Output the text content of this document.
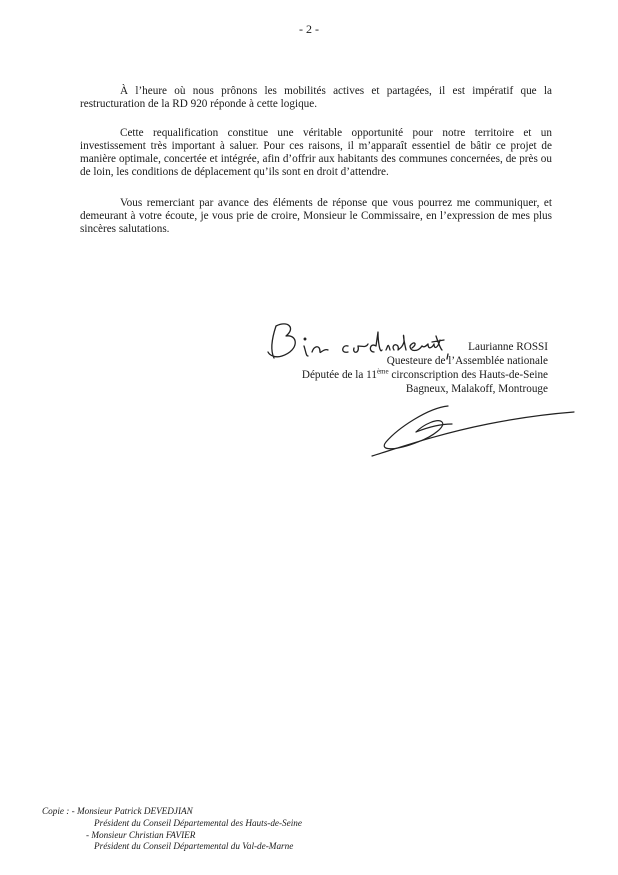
- 2 -

À l’heure où nous prônons les mobilités actives et partagées, il est impératif que la restructuration de la RD 920 réponde à cette logique.

Cette requalification constitue une véritable opportunité pour notre territoire et un investissement très important à saluer. Pour ces raisons, il m’apparaît essentiel de bâtir ce projet de manière optimale, concertée et intégrée, afin d’offrir aux habitants des communes concernées, de près ou de loin, les conditions de déplacement qu’ils sont en droit d’attendre.

Vous remerciant par avance des éléments de réponse que vous pourrez me communiquer, et demeurant à votre écoute, je vous prie de croire, Monsieur le Commissaire, en l’expression de mes plus sincères salutations.

Laurianne ROSSI
Questeure de l’Assemblée nationale
Députée de la 11ème circonscription des Hauts-de-Seine
Bagneux, Malakoff, Montrouge
Copie : - Monsieur Patrick DEVEDJIAN
Président du Conseil Départemental des Hauts-de-Seine
- Monsieur Christian FAVIER
Président du Conseil Départemental du Val-de-Marne
